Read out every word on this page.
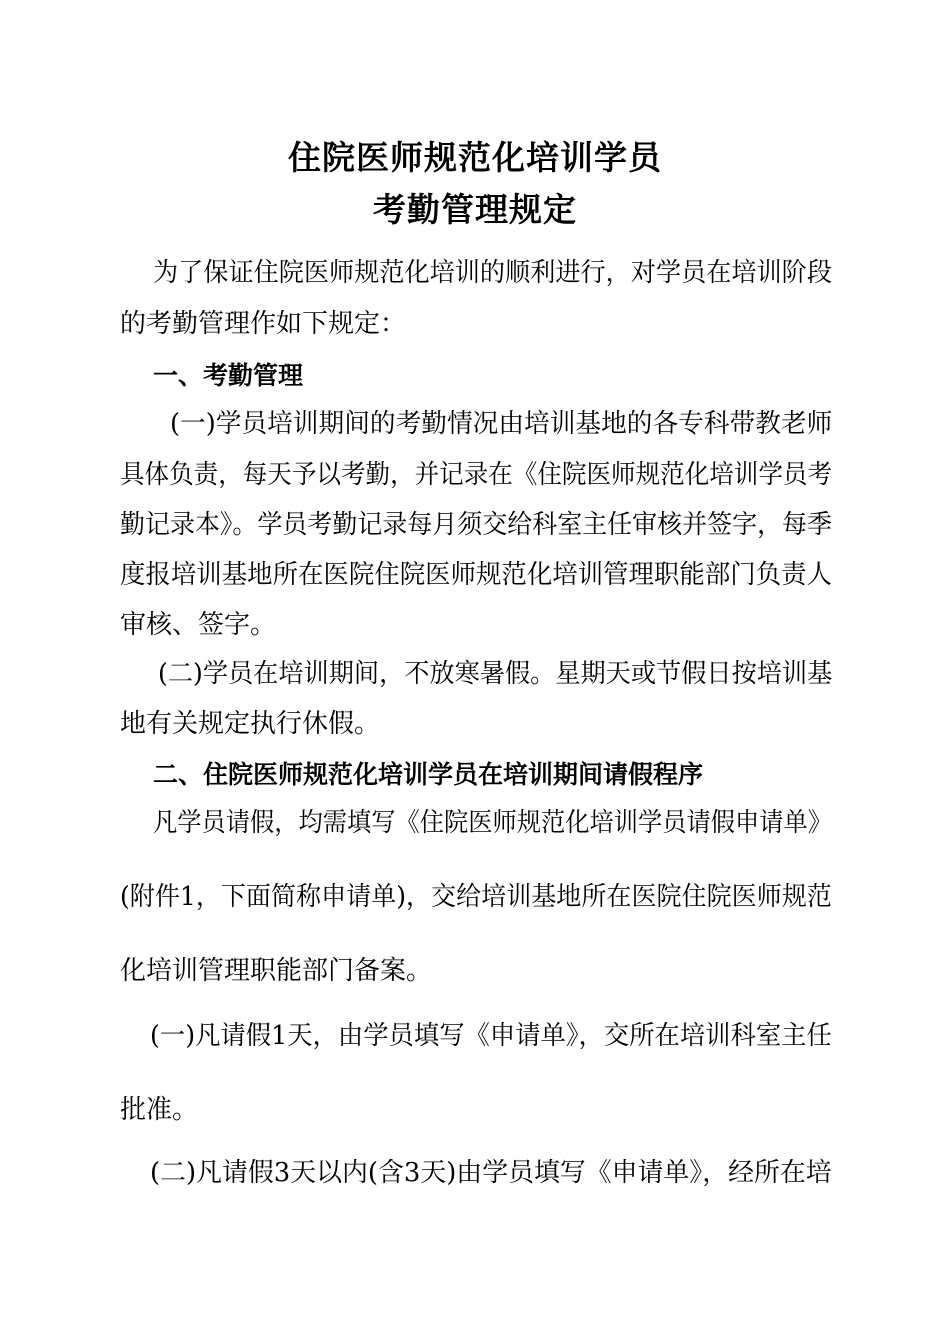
住院医师规范化培训学员
考勤管理规定
为了保证住院医师规范化培训的顺利进行，对学员在培训阶段
的考勤管理作如下规定：
一、考勤管理
(一)学员培训期间的考勤情况由培训基地的各专科带教老师
具体负责，每天予以考勤，并记录在《住院医师规范化培训学员考
勤记录本》。学员考勤记录每月须交给科室主任审核并签字，每季
度报培训基地所在医院住院医师规范化培训管理职能部门负责人
审核、签字。
(二)学员在培训期间，不放寒暑假。星期天或节假日按培训基
地有关规定执行休假。
二、住院医师规范化培训学员在培训期间请假程序
凡学员请假，均需填写《住院医师规范化培训学员请假申请单》
(附件1，下面简称申请单)，交给培训基地所在医院住院医师规范
化培训管理职能部门备案。
(一)凡请假1天，由学员填写《申请单》，交所在培训科室主任
批准。
(二)凡请假3天以内(含3天)由学员填写《申请单》，经所在培
